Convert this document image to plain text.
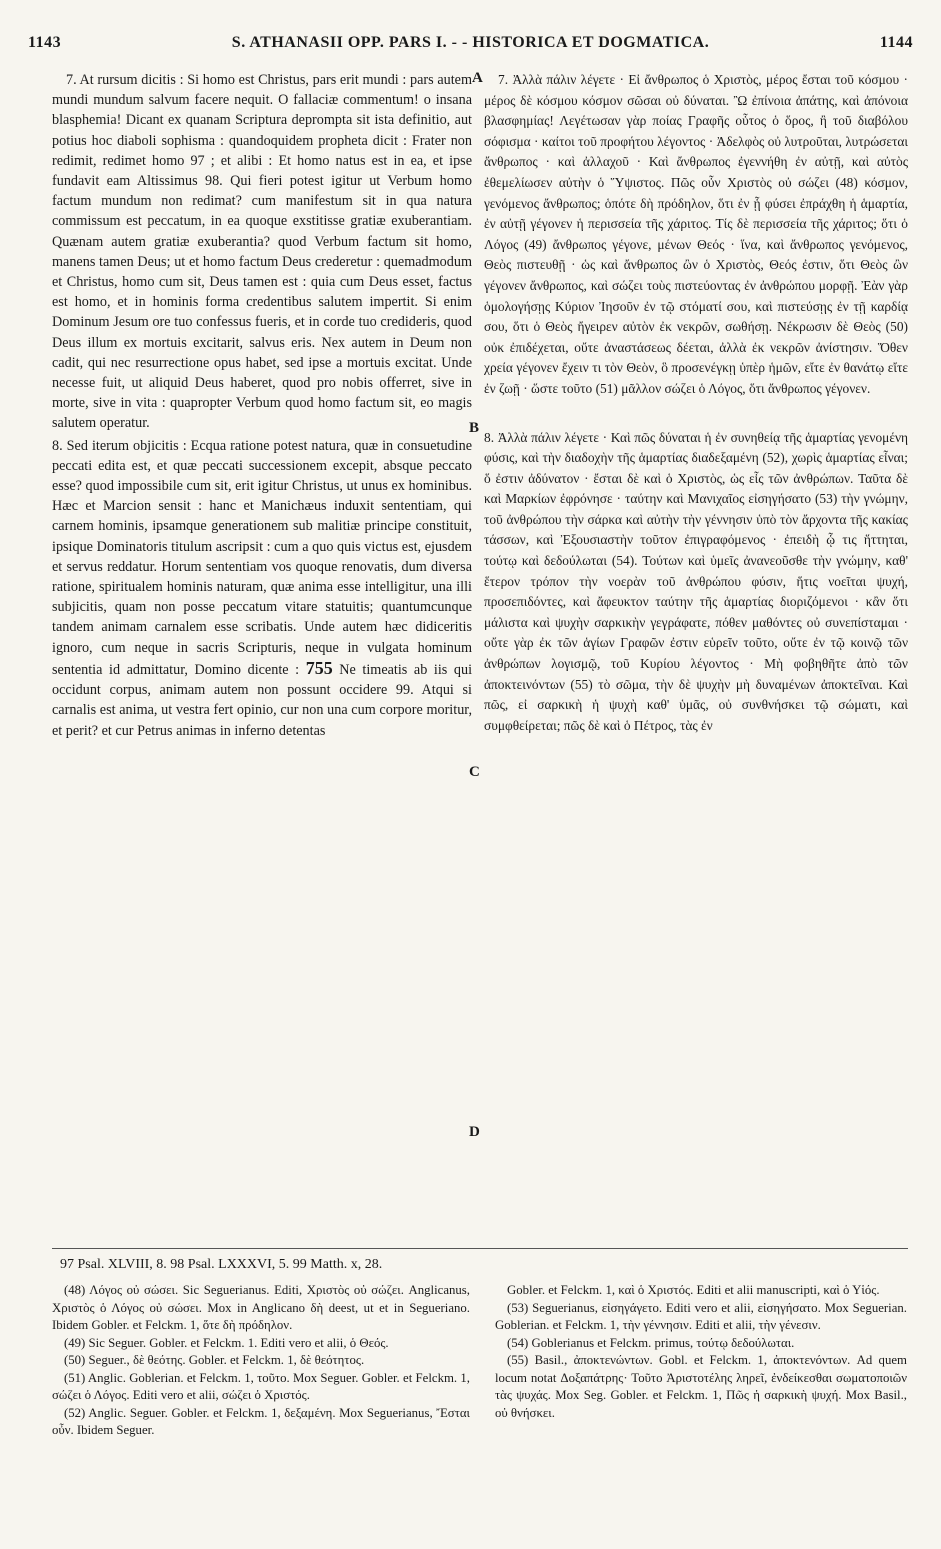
1143	S. ATHANASII OPP. PARS I. - - HISTORICA ET DOGMATICA.	1144

7. At rursum dicitis : Si homo est Christus, pars erit mundi : pars autem mundi mundum salvum facere nequit. O fallaciæ commentum! o insana blasphemia! Dicant ex quanam Scriptura deprompta sit ista definitio, aut potius hoc diaboli sophisma : quandoquidem propheta dicit : Frater non redimit, redimet homo 97 ; et alibi : Et homo natus est in ea, et ipse fundavit eam Altissimus 98. Qui fieri potest igitur ut Verbum homo factum mundum non redimat? cum manifestum sit in qua natura commissum est peccatum, in ea quoque exstitisse gratiæ exuberantiam. Quænam autem gratiæ exuberantia? quod Verbum factum sit homo, manens tamen Deus; ut et homo factum Deus crederetur : quemadmodum et Christus, homo cum sit, Deus tamen est : quia cum Deus esset, factus est homo, et in hominis forma credentibus salutem impertit. Si enim Dominum Jesum ore tuo confessus fueris, et in corde tuo credideris, quod Deus illum ex mortuis excitarit, salvus eris. Nex autem in Deum non cadit, qui nec resurrectione opus habet, sed ipse a mortuis excitat. Unde necesse fuit, ut aliquid Deus haberet, quod pro nobis offerret, sive in morte, sive in vita : quapropter Verbum quod homo factum sit, eo magis salutem operatur.

8. Sed iterum objicitis : Ecqua ratione potest natura, quæ in consuetudine peccati edita est, et quæ peccati successionem excepit, absque peccato esse? quod impossibile cum sit, erit igitur Christus, ut unus ex hominibus. Hæc et Marcion sensit : hanc et Manichæus induxit sententiam, qui carnem hominis, ipsamque generationem sub malitiæ principe constituit, ipsique Dominatoris titulum ascripsit : cum a quo quis victus est, ejusdem et servus reddatur. Horum sententiam vos quoque renovatis, dum diversa ratione, spiritualem hominis naturam, quæ anima esse intelligitur, una illi subjicitis, quam non posse peccatum vitare statuitis; quantumcunque tandem animam carnalem esse scribatis. Unde autem hæc didiceritis ignoro, cum neque in sacris Scripturis, neque in vulgata hominum sententia id admittatur, Domino dicente : 755 Ne timeatis ab iis qui occidunt corpus, animam autem non possunt occidere 99. Atqui si carnalis est anima, ut vestra fert opinio, cur non una cum corpore moritur, et perit? et cur Petrus animas in inferno detentas

7. Ἀλλὰ πάλιν λέγετε · Εἰ ἄνθρωπος ὁ Χριστὸς, μέρος ἔσται τοῦ κόσμου · μέρος δὲ κόσμου κόσμον σῶσαι οὐ δύναται. Ὢ ἐπίνοια ἀπάτης, καὶ ἀπόνοια βλασφημίας! Λεγέτωσαν γὰρ ποίας Γραφῆς οὗτος ὁ ὅρος, ἢ τοῦ διαβόλου σόφισμα · καίτοι τοῦ προφήτου λέγοντος · Ἀδελφὸς οὐ λυτροῦται, λυτρώσεται ἄνθρωπος · καὶ ἀλλαχοῦ · Καὶ ἄνθρωπος ἐγεννήθη ἐν αὐτῇ, καὶ αὐτὸς ἐθεμελίωσεν αὐτὴν ὁ Ὕψιστος. Πῶς οὖν Χριστὸς οὐ σώζει (48) κόσμον, γενόμενος ἄνθρωπος; ὁπότε δὴ πρόδηλον, ὅτι ἐν ᾗ φύσει ἐπράχθη ἡ ἁμαρτία, ἐν αὐτῇ γέγονεν ἡ περισσεία τῆς χάριτος. Τίς δὲ περισσεία τῆς χάριτος; ὅτι ὁ Λόγος (49) ἄνθρωπος γέγονε, μένων Θεός · ἵνα, καὶ ἄνθρωπος γενόμενος, Θεὸς πιστευθῇ · ὡς καὶ ἄνθρωπος ὢν ὁ Χριστὸς, Θεός ἐστιν, ὅτι Θεὸς ὢν γέγονεν ἄνθρωπος, καὶ σώζει τοὺς πιστεύοντας ἐν ἀνθρώπου μορφῇ. Ἐὰν γὰρ ὁμολογήσῃς Κύριον Ἰησοῦν ἐν τῷ στόματί σου, καὶ πιστεύσῃς ἐν τῇ καρδίᾳ σου, ὅτι ὁ Θεὸς ἤγειρεν αὐτὸν ἐκ νεκρῶν, σωθήσῃ. Νέκρωσιν δὲ Θεὸς (50) οὐκ ἐπιδέχεται, οὔτε ἀναστάσεως δέεται, ἀλλὰ ἐκ νεκρῶν ἀνίστησιν. Ὅθεν χρεία γέγονεν ἔχειν τι τὸν Θεὸν, ὃ προσενέγκῃ ὑπὲρ ἡμῶν, εἴτε ἐν θανάτῳ εἴτε ἐν ζωῇ · ὥστε τοῦτο (51) μᾶλλον σώζει ὁ Λόγος, ὅτι ἄνθρωπος γέγονεν.

8. Ἀλλὰ πάλιν λέγετε · Καὶ πῶς δύναται ἡ ἐν συνηθείᾳ τῆς ἁμαρτίας γενομένη φύσις, καὶ τὴν διαδοχὴν τῆς ἁμαρτίας διαδεξαμένη (52), χωρὶς ἁμαρτίας εἶναι; ὅ ἐστιν ἀδύνατον · ἔσται δὲ καὶ ὁ Χριστὸς, ὡς εἷς τῶν ἀνθρώπων. Ταῦτα δὲ καὶ Μαρκίων ἐφρόνησε · ταύτην καὶ Μανιχαῖος εἰσηγήσατο (53) τὴν γνώμην, τοῦ ἀνθρώπου τὴν σάρκα καὶ αὐτὴν τὴν γέννησιν ὑπὸ τὸν ἄρχοντα τῆς κακίας τάσσων, καὶ Ἐξουσιαστὴν τοῦτον ἐπιγραφόμενος · ἐπειδὴ ᾧ τις ἥττηται, τούτῳ καὶ δεδούλωται (54). Τούτων καὶ ὑμεῖς ἀνανεοῦσθε τὴν γνώμην, καθ' ἕτερον τρόπον τὴν νοερὰν τοῦ ἀνθρώπου φύσιν, ἥτις νοεῖται ψυχή, προσεπιδόντες, καὶ ἄφευκτον ταύτην τῆς ἁμαρτίας διοριζόμενοι · κἂν ὅτι μάλιστα καὶ ψυχὴν σαρκικὴν γεγράφατε, πόθεν μαθόντες οὐ συνεπίσταμαι · οὔτε γὰρ ἐκ τῶν ἁγίων Γραφῶν ἐστιν εὑρεῖν τοῦτο, οὔτε ἐν τῷ κοινῷ τῶν ἀνθρώπων λογισμῷ, τοῦ Κυρίου λέγοντος · Μὴ φοβηθῆτε ἀπὸ τῶν ἀποκτεινόντων (55) τὸ σῶμα, τὴν δὲ ψυχὴν μὴ δυναμένων ἀποκτεῖναι. Καὶ πῶς, εἰ σαρκικὴ ἡ ψυχὴ καθ' ὑμᾶς, οὐ συνθνήσκει τῷ σώματι, καὶ συμφθείρεται; πῶς δὲ καὶ ὁ Πέτρος, τὰς ἐν

A
B
C
D
97 Psal. XLVIII, 8. 98 Psal. LXXXVI, 5. 99 Matth. x, 28.

(48) Λόγος οὐ σώσει. Sic Seguerianus. Editi, Χριστὸς οὐ σώζει. Anglicanus, Χριστὸς ὁ Λόγος οὐ σώσει. Mox in Anglicano δὴ deest, ut et in Segueriano. Ibidem Gobler. et Felckm. 1, ὅτε δὴ πρόδηλον.

(49) Sic Seguer. Gobler. et Felckm. 1. Editi vero et alii, ὁ Θεός.

(50) Seguer., δὲ θεότης. Gobler. et Felckm. 1, δὲ θεότητος.

(51) Anglic. Goblerian. et Felckm. 1, τοῦτο. Mox Seguer. Gobler. et Felckm. 1, σώζει ὁ Λόγος. Editi vero et alii, σώζει ὁ Χριστός.

(52) Anglic. Seguer. Gobler. et Felckm. 1, δεξαμένη. Mox Seguerianus, Ἔσται οὖν. Ibidem Seguer.

Gobler. et Felckm. 1, καὶ ὁ Χριστός. Editi et alii manuscripti, καὶ ὁ Υἱός.

(53) Seguerianus, εἰσηγάγετο. Editi vero et alii, εἰσηγήσατο. Mox Seguerian. Goblerian. et Felckm. 1, τὴν γέννησιν. Editi et alii, τὴν γένεσιν.

(54) Goblerianus et Felckm. primus, τούτῳ δεδούλωται.

(55) Basil., ἀποκτενώντων. Gobl. et Felckm. 1, ἀποκτενόντων. Ad quem locum notat Δοξαπάτρης· Τοῦτο Ἀριστοτέλης ληρεῖ, ἐνδείκεσθαι σωματοποιῶν τὰς ψυχάς. Mox Seg. Gobler. et Felckm. 1, Πῶς ἡ σαρκικὴ ψυχή. Mox Basil., οὐ θνήσκει.
